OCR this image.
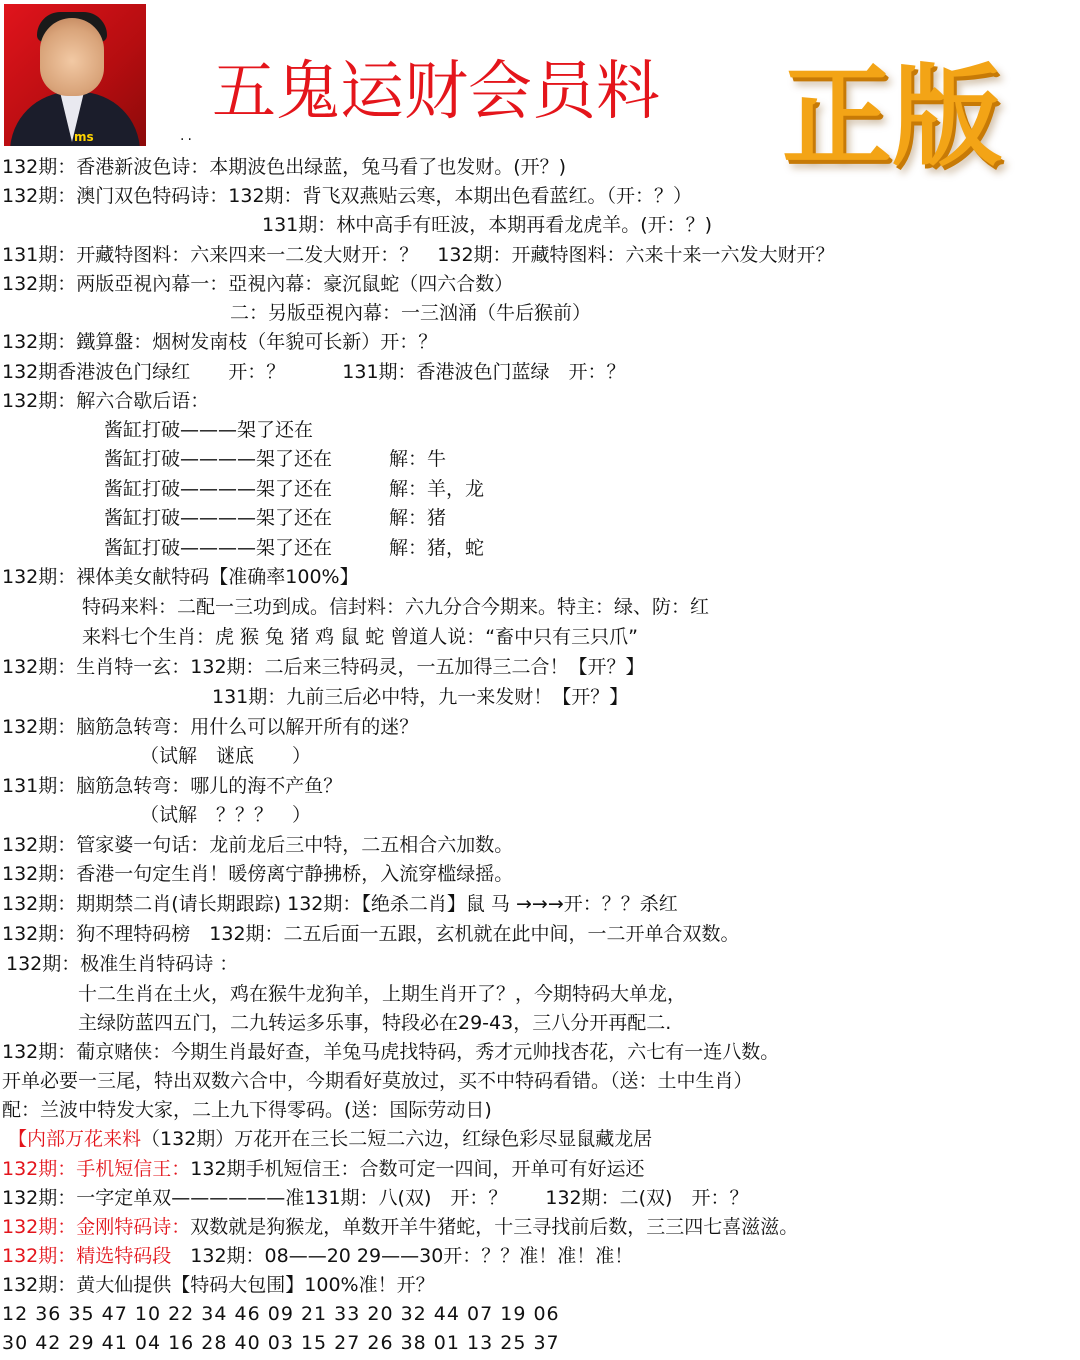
ms
五鬼运财会员料 正版
..
132期：香港新波色诗：本期波色出绿蓝，兔马看了也发财。(开？)
132期：澳门双色特码诗：132期：背飞双燕贴云寒，本期出色看蓝红。（开：？）
131期：林中高手有旺波，本期再看龙虎羊。(开：？)
131期：开藏特图料：六来四来一二发大财开：？　132期：开藏特图料：六来十来一六发大财开？
132期：两版亞視內幕一：亞視內幕：豪沉鼠蛇（四六合数）
二：另版亞視內幕：一三汹涌（牛后猴前）
132期：鐵算盤：烟树发南枝（年貌可长新）开：？
132期香港波色门绿红　　开：？　　　131期：香港波色门蓝绿　开：？
132期：解六合歇后语：
酱缸打破———架了还在
酱缸打破————架了还在　　　解：牛
酱缸打破————架了还在　　　解：羊，龙
酱缸打破————架了还在　　　解：猪
酱缸打破————架了还在　　　解：猪，蛇
132期：裸体美女献特码【准确率100%】
特码来料：二配一三功到成。信封料：六九分合今期来。特主：绿、防：红
来料七个生肖：虎 猴 兔 猪 鸡 鼠 蛇 曾道人说：“畜中只有三只爪”
132期：生肖特一玄：132期：二后来三特码灵，一五加得三二合！【开？】
131期：九前三后必中特，九一来发财！【开？】
132期：脑筋急转弯：用什么可以解开所有的迷？
（试解　谜底　　）
131期：脑筋急转弯：哪儿的海不产鱼？
（试解　？？？　）
132期：管家婆一句话：龙前龙后三中特，二五相合六加数。
132期：香港一句定生肖！暖傍离宁静拂桥，入流穿槛绿摇。
132期：期期禁二肖(请长期跟踪) 132期：【绝杀二肖】鼠 马 →→→开：？？杀红
132期：狗不理特码榜　132期：二五后面一五跟，玄机就在此中间，一二开单合双数。
132期：极准生肖特码诗 ：
十二生肖在土火，鸡在猴牛龙狗羊，上期生肖开了？，今期特码大单龙，
主绿防蓝四五门，二九转运多乐事，特段必在29-43，三八分开再配二.
132期：葡京赌侠：今期生肖最好查，羊兔马虎找特码，秀才元帅找杏花，六七有一连八数。
开单必要一三尾，特出双数六合中，今期看好莫放过，买不中特码看错。（送：土中生肖）
配：兰波中特发大家，二上九下得零码。(送：国际劳动日)
【内部万花来料（132期）万花开在三长二短二六边，红绿色彩尽显鼠藏龙居
132期：手机短信王：132期手机短信王：合数可定一四间，开单可有好运还
132期：一字定单双——————准131期：八(双)　开：？　　132期：二(双)　开：？
132期：金刚特码诗：双数就是狗猴龙，单数开羊牛猪蛇，十三寻找前后数，三三四七喜滋滋。
132期：精选特码段　132期：08——20 29——30开：？？准！准！准！
132期：黄大仙提供【特码大包围】100%准！开？
12 36 35 47 10 22 34 46 09 21 33 20 32 44 07 19 06
30 42 29 41 04 16 28 40 03 15 27 26 38 01 13 25 37
